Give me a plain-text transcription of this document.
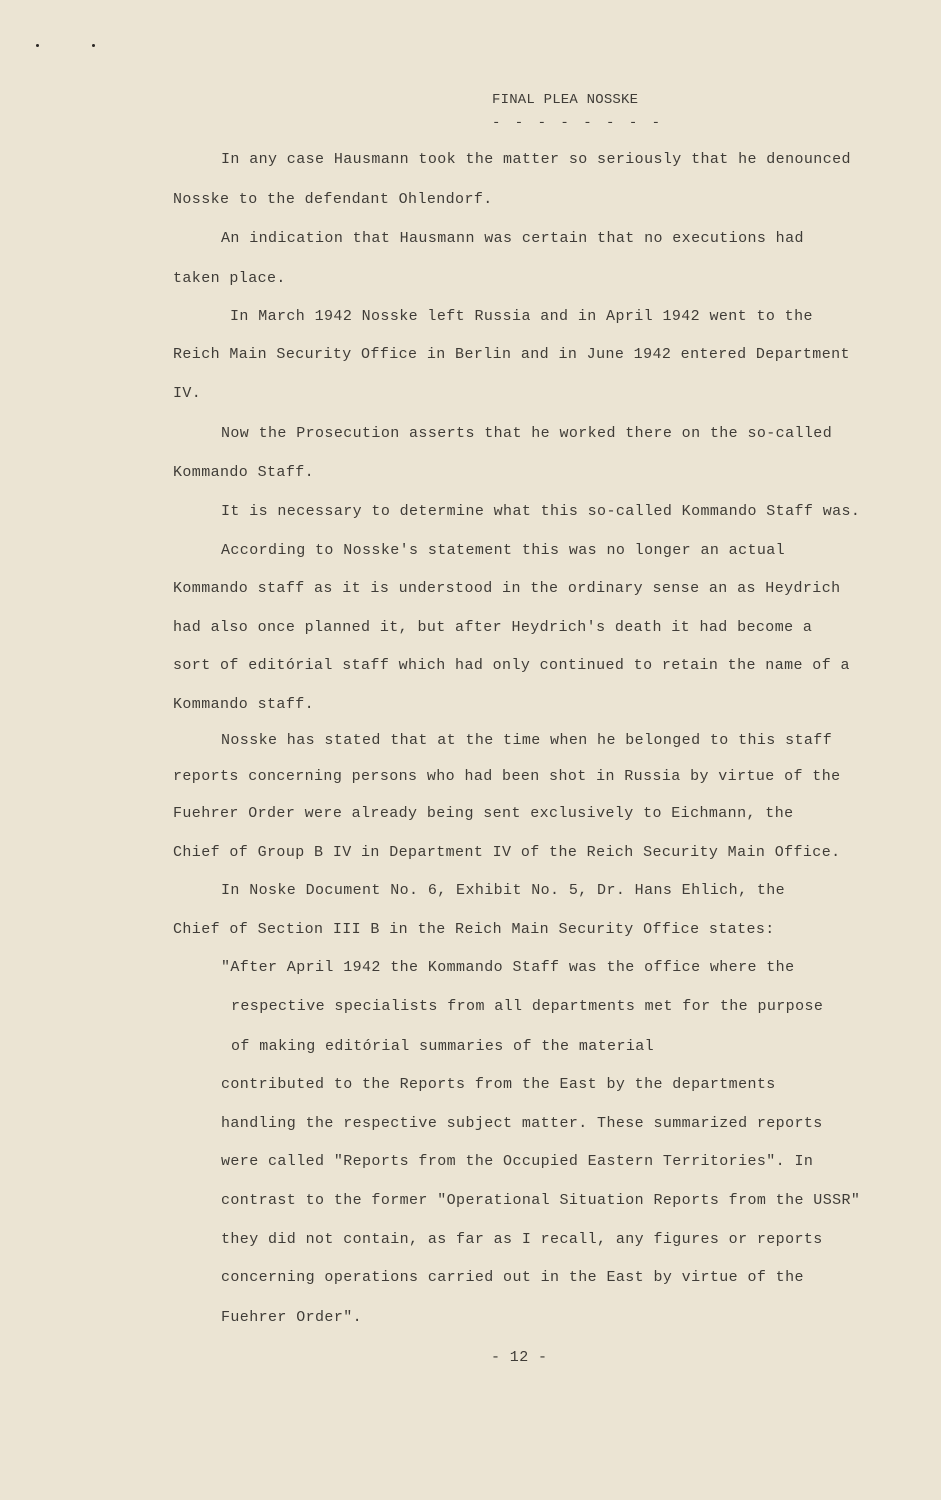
FINAL PLEA NOSSKE
- - - - - - - -
In any case Hausmann took the matter so seriously that he denounced
Nosske to the defendant Ohlendorf.
An indication that Hausmann was certain that no executions had
taken place.
In March 1942 Nosske left Russia and in April 1942 went to the
Reich Main Security Office in Berlin and in June 1942 entered Department
IV.
Now the Prosecution asserts that he worked there on the so-called
Kommando Staff.
It is necessary to determine what this so-called Kommando Staff was.
According to Nosske's statement this was no longer an actual
Kommando staff as it is understood in the ordinary sense an as Heydrich
had also once planned it, but after Heydrich's death it had become a
sort of editórial staff which had only continued to retain the name of a
Kommando staff.
Nosske has stated that at the time when he belonged to this staff
reports concerning persons who had been shot in Russia by virtue of the
Fuehrer Order were already being sent exclusively to Eichmann, the
Chief of Group B IV in Department IV of the Reich Security Main Office.
In Noske Document No. 6, Exhibit No. 5, Dr. Hans Ehlich, the
Chief of Section III B in the Reich Main Security Office states:
"After April 1942 the Kommando Staff was the office where the
respective specialists from all departments met for the purpose
of making editórial summaries of the material
contributed to the Reports from the East by the departments
handling the respective subject matter. These summarized reports
were called "Reports from the Occupied Eastern Territories". In
contrast to the former "Operational Situation Reports from the USSR"
they did not contain, as far as I recall, any figures or reports
concerning operations carried out in the East by virtue of the
Fuehrer Order".
- 12 -
